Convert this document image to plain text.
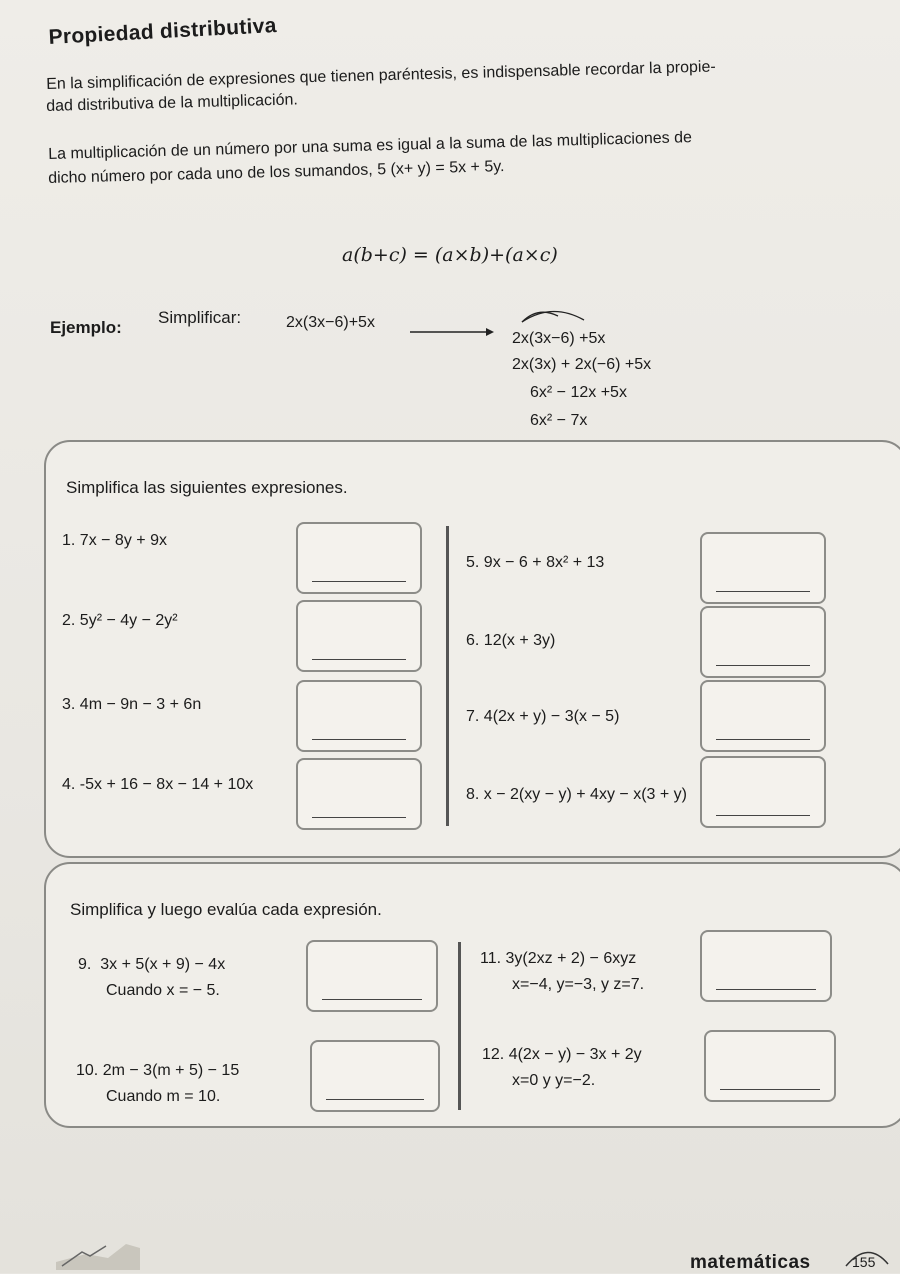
Propiedad distributiva
En la simplificación de expresiones que tienen paréntesis, es indispensable recordar la propie-
dad distributiva de la multiplicación.
La multiplicación de un número por una suma es igual a la suma de las multiplicaciones de
dicho número por cada uno de los sumandos, 5 (x+ y) = 5x + 5y.
a(b+c) = (a×b)+(a×c)
Ejemplo:
Simplificar:	2x(3x−6)+5x
2x(3x−6) +5x
2x(3x) + 2x(−6) +5x
6x² − 12x +5x
6x² − 7x
Simplifica las siguientes expresiones.
1. 7x − 8y + 9x
2. 5y² − 4y − 2y²
3. 4m − 9n − 3 + 6n
4. -5x + 16 − 8x − 14 + 10x
5. 9x − 6 + 8x² + 13
6. 12(x + 3y)
7. 4(2x + y) − 3(x − 5)
8. x − 2(xy − y) + 4xy − x(3 + y)
Simplifica y luego evalúa cada expresión.
9. 3x + 5(x + 9) − 4x
Cuando x = − 5.
10. 2m − 3(m + 5) − 15
Cuando m = 10.
11. 3y(2xz + 2) − 6xyz
x=−4, y=−3, y z=7.
12. 4(2x − y) − 3x + 2y
x=0 y y=−2.
matemáticas	155
